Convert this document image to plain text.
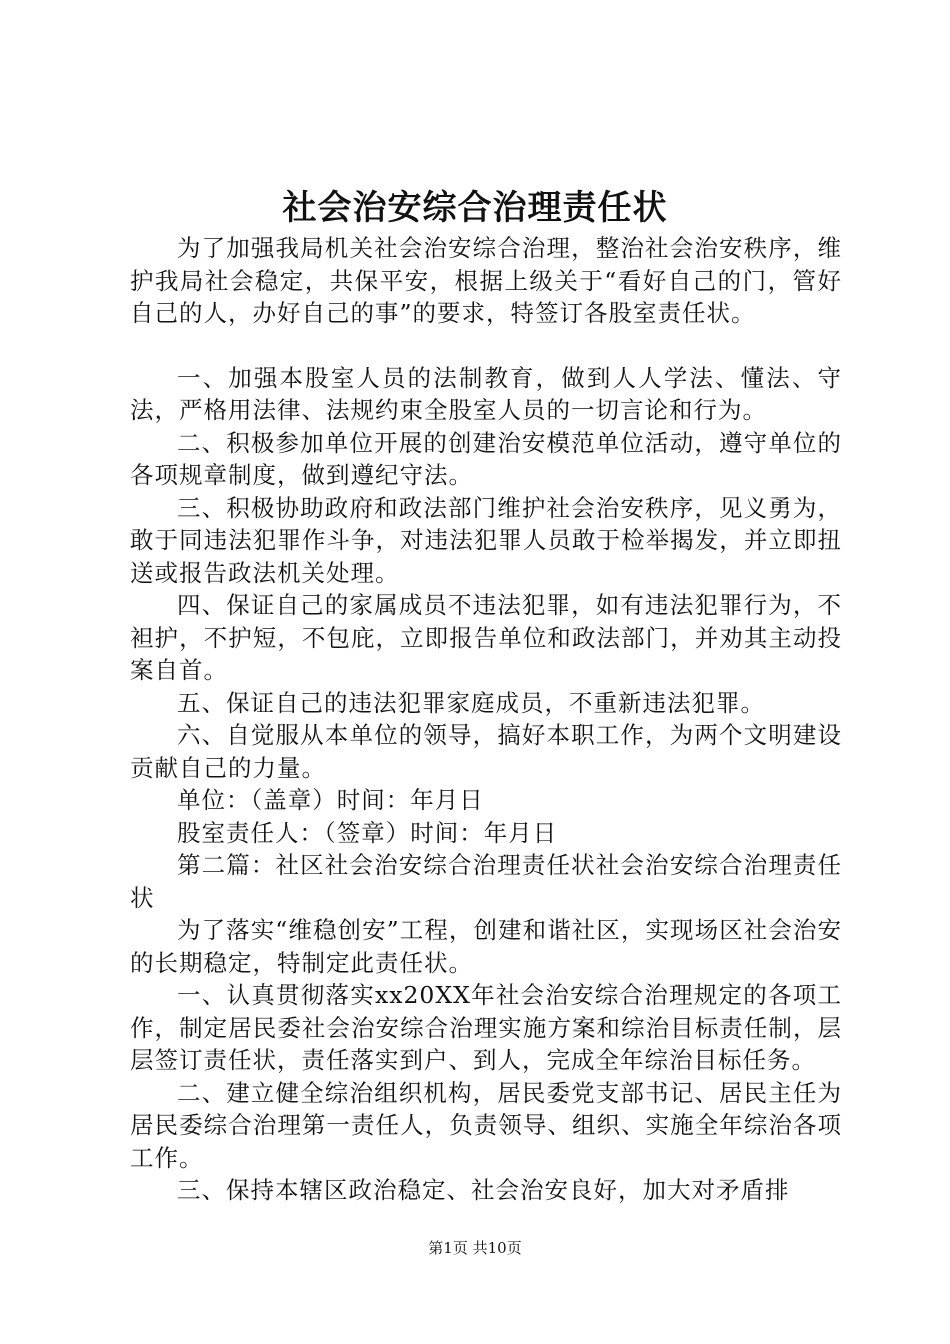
社会治安综合治理责任状

为了加强我局机关社会治安综合治理，整治社会治安秩序，维护我局社会稳定，共保平安，根据上级关于“看好自己的门，管好自己的人，办好自己的事”的要求，特签订各股室责任状。

一、加强本股室人员的法制教育，做到人人学法、懂法、守法，严格用法律、法规约束全股室人员的一切言论和行为。

二、积极参加单位开展的创建治安模范单位活动，遵守单位的各项规章制度，做到遵纪守法。

三、积极协助政府和政法部门维护社会治安秩序，见义勇为，敢于同违法犯罪作斗争，对违法犯罪人员敢于检举揭发，并立即扭送或报告政法机关处理。

四、保证自己的家属成员不违法犯罪，如有违法犯罪行为，不袒护，不护短，不包庇，立即报告单位和政法部门，并劝其主动投案自首。

五、保证自己的违法犯罪家庭成员，不重新违法犯罪。

六、自觉服从本单位的领导，搞好本职工作，为两个文明建设贡献自己的力量。

单位：（盖章）时间：年月日

股室责任人：（签章）时间：年月日

第二篇：社区社会治安综合治理责任状社会治安综合治理责任状

为了落实“维稳创安”工程，创建和谐社区，实现场区社会治安的长期稳定，特制定此责任状。

一、认真贯彻落实xx20XX年社会治安综合治理规定的各项工作，制定居民委社会治安综合治理实施方案和综治目标责任制，层层签订责任状，责任落实到户、到人，完成全年综治目标任务。

二、建立健全综治组织机构，居民委党支部书记、居民主任为居民委综合治理第一责任人，负责领导、组织、实施全年综治各项工作。

三、保持本辖区政治稳定、社会治安良好，加大对矛盾排

第1页 共10页
